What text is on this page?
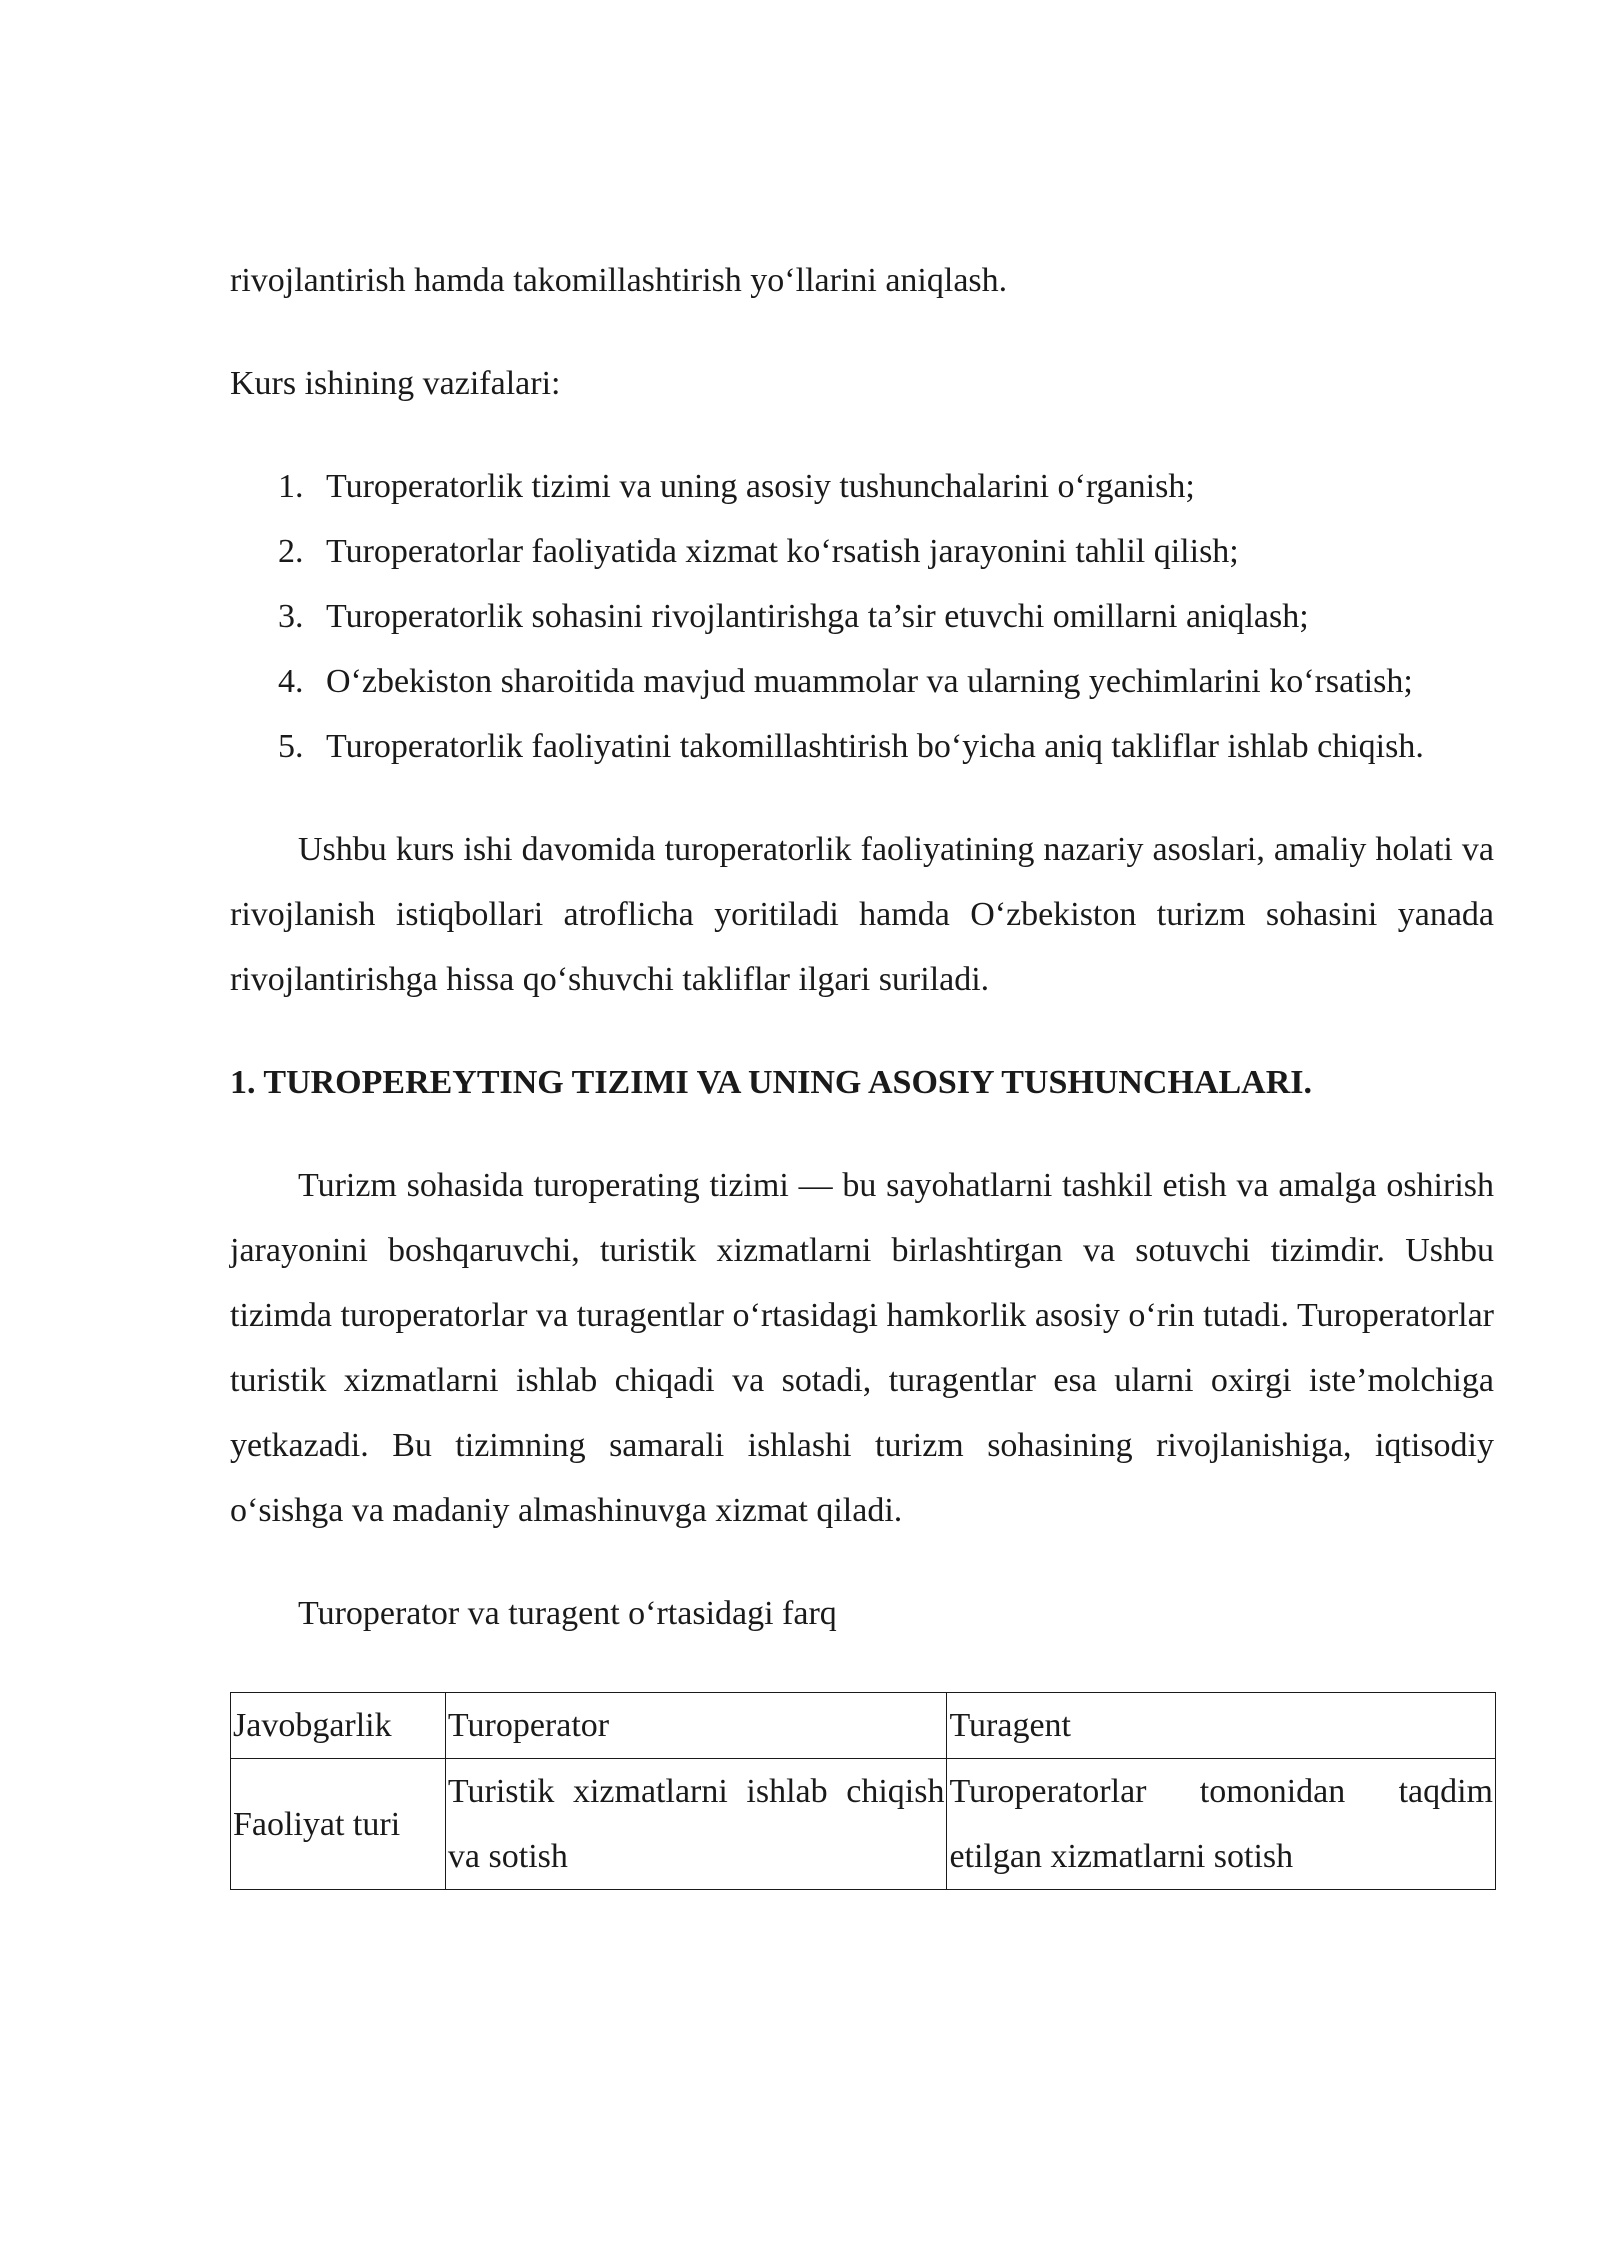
rivojlantirish hamda takomillashtirish yo‘llarini aniqlash.

Kurs ishining vazifalari:

1. Turoperatorlik tizimi va uning asosiy tushunchalarini o‘rganish;
2. Turoperatorlar faoliyatida xizmat ko‘rsatish jarayonini tahlil qilish;
3. Turoperatorlik sohasini rivojlantirishga ta’sir etuvchi omillarni aniqlash;
4. O‘zbekiston sharoitida mavjud muammolar va ularning yechimlarini ko‘rsatish;
5. Turoperatorlik faoliyatini takomillashtirish bo‘yicha aniq takliflar ishlab chiqish.

Ushbu kurs ishi davomida turoperatorlik faoliyatining nazariy asoslari, amaliy holati va rivojlanish istiqbollari atroflicha yoritiladi hamda O‘zbekiston turizm sohasini yanada rivojlantirishga hissa qo‘shuvchi takliflar ilgari suriladi.

1. TUROPEREYTING TIZIMI VA UNING ASOSIY TUSHUNCHALARI.

Turizm sohasida turoperating tizimi — bu sayohatlarni tashkil etish va amalga oshirish jarayonini boshqaruvchi, turistik xizmatlarni birlashtirgan va sotuvchi tizimdir. Ushbu tizimda turoperatorlar va turagentlar o‘rtasidagi hamkorlik asosiy o‘rin tutadi. Turoperatorlar turistik xizmatlarni ishlab chiqadi va sotadi, turagentlar esa ularni oxirgi iste’molchiga yetkazadi. Bu tizimning samarali ishlashi turizm sohasining rivojlanishiga, iqtisodiy o‘sishga va madaniy almashinuvga xizmat qiladi.

Turoperator va turagent o‘rtasidagi farq

Javobgarlik	Turoperator	Turagent
Faoliyat turi	Turistik xizmatlarni ishlab chiqish va sotish	Turoperatorlar tomonidan taqdim etilgan xizmatlarni sotish
